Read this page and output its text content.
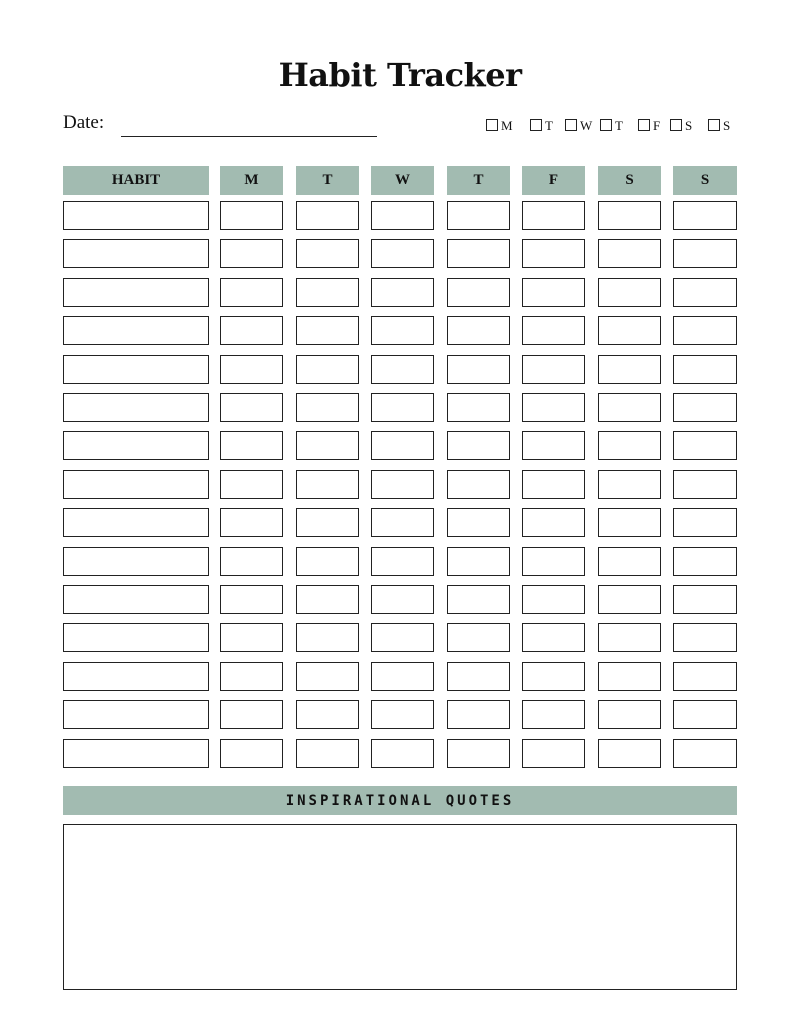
Habit Tracker
Date:	M T W T F S S
HABIT	M	T	W	T	F	S	S
INSPIRATIONAL QUOTES
